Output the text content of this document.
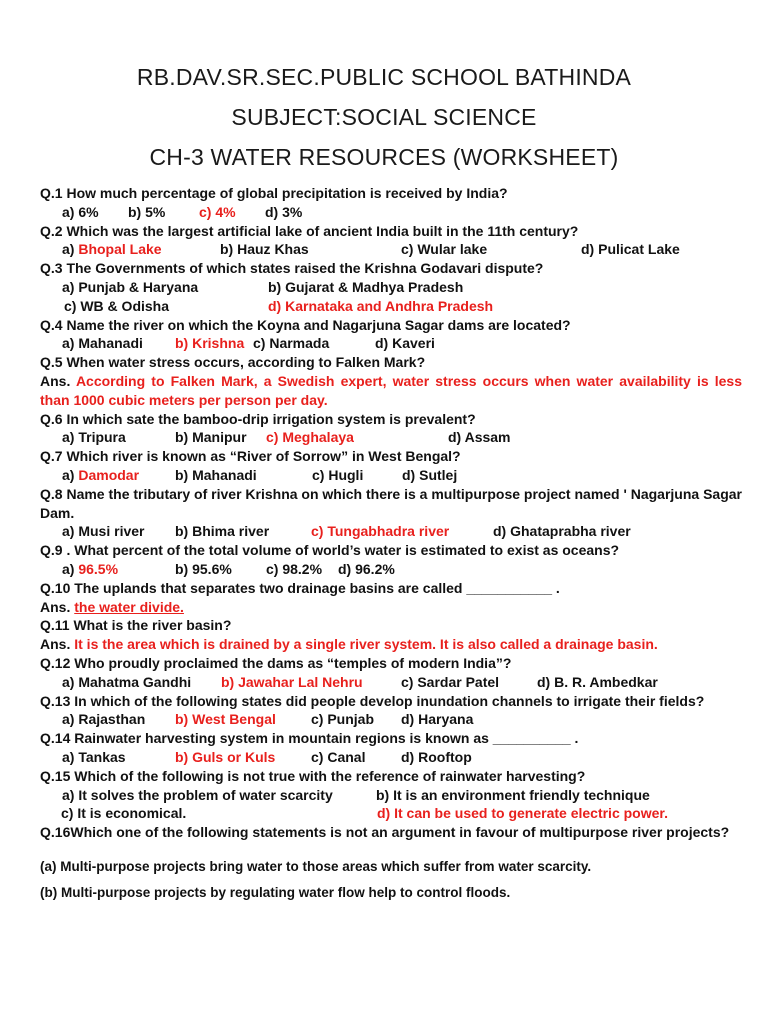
RB.DAV.SR.SEC.PUBLIC SCHOOL BATHINDA
SUBJECT:SOCIAL SCIENCE
CH-3 WATER RESOURCES (WORKSHEET)

Q.1 How much percentage of global precipitation is received by India?

a) 6%	b) 5%	c) 4%	d) 3%

Q.2 Which was the largest artificial lake of ancient India built in the 11th century?

a) Bhopal Lake	b) Hauz Khas	c) Wular lake	d) Pulicat Lake

Q.3 The Governments of which states raised the Krishna Godavari dispute?

a) Punjab & Haryana	b) Gujarat & Madhya Pradesh
c) WB & Odisha	d) Karnataka and Andhra Pradesh

Q.4 Name the river on which the Koyna and Nagarjuna Sagar dams are located?

a) Mahanadi	b) Krishna c) Narmada	d) Kaveri

Q.5 When water stress occurs, according to Falken Mark?

Ans. According to Falken Mark, a Swedish expert, water stress occurs when water availability is less than 1000 cubic meters per person per day.

Q.6 In which sate the bamboo-drip irrigation system is prevalent?

a) Tripura	b) Manipur	c) Meghalaya	d) Assam

Q.7 Which river is known as “River of Sorrow” in West Bengal?

a) Damodar	b) Mahanadi	c) Hugli	d) Sutlej

Q.8 Name the tributary of river Krishna on which there is a multipurpose project named ' Nagarjuna Sagar Dam.

a) Musi river	b) Bhima river	c) Tungabhadra river	d) Ghataprabha river

Q.9 . What percent of the total volume of world’s water is estimated to exist as oceans?

a) 96.5%	b) 95.6%	c) 98.2%	d) 96.2%

Q.10 The uplands that separates two drainage basins are called ___________ .

Ans. the water divide.

Q.11 What is the river basin?

Ans. It is the area which is drained by a single river system. It is also called a drainage basin.

Q.12 Who proudly proclaimed the dams as “temples of modern India”?

a) Mahatma Gandhi	b) Jawahar Lal Nehru	c) Sardar Patel	d) B. R. Ambedkar

Q.13 In which of the following states did people develop inundation channels to irrigate their fields?

a) Rajasthan	b) West Bengal	c) Punjab	d) Haryana

Q.14 Rainwater harvesting system in mountain regions is known as __________ .

a) Tankas	b) Guls or Kuls	c) Canal	d) Rooftop

Q.15 Which of the following is not true with the reference of rainwater harvesting?

a) It solves the problem of water scarcity	b) It is an environment friendly technique
c) It is economical.	d) It can be used to generate electric power.

Q.16Which one of the following statements is not an argument in favour of multipurpose river projects?

(a) Multi-purpose projects bring water to those areas which suffer from water scarcity.

(b) Multi-purpose projects by regulating water flow help to control floods.
